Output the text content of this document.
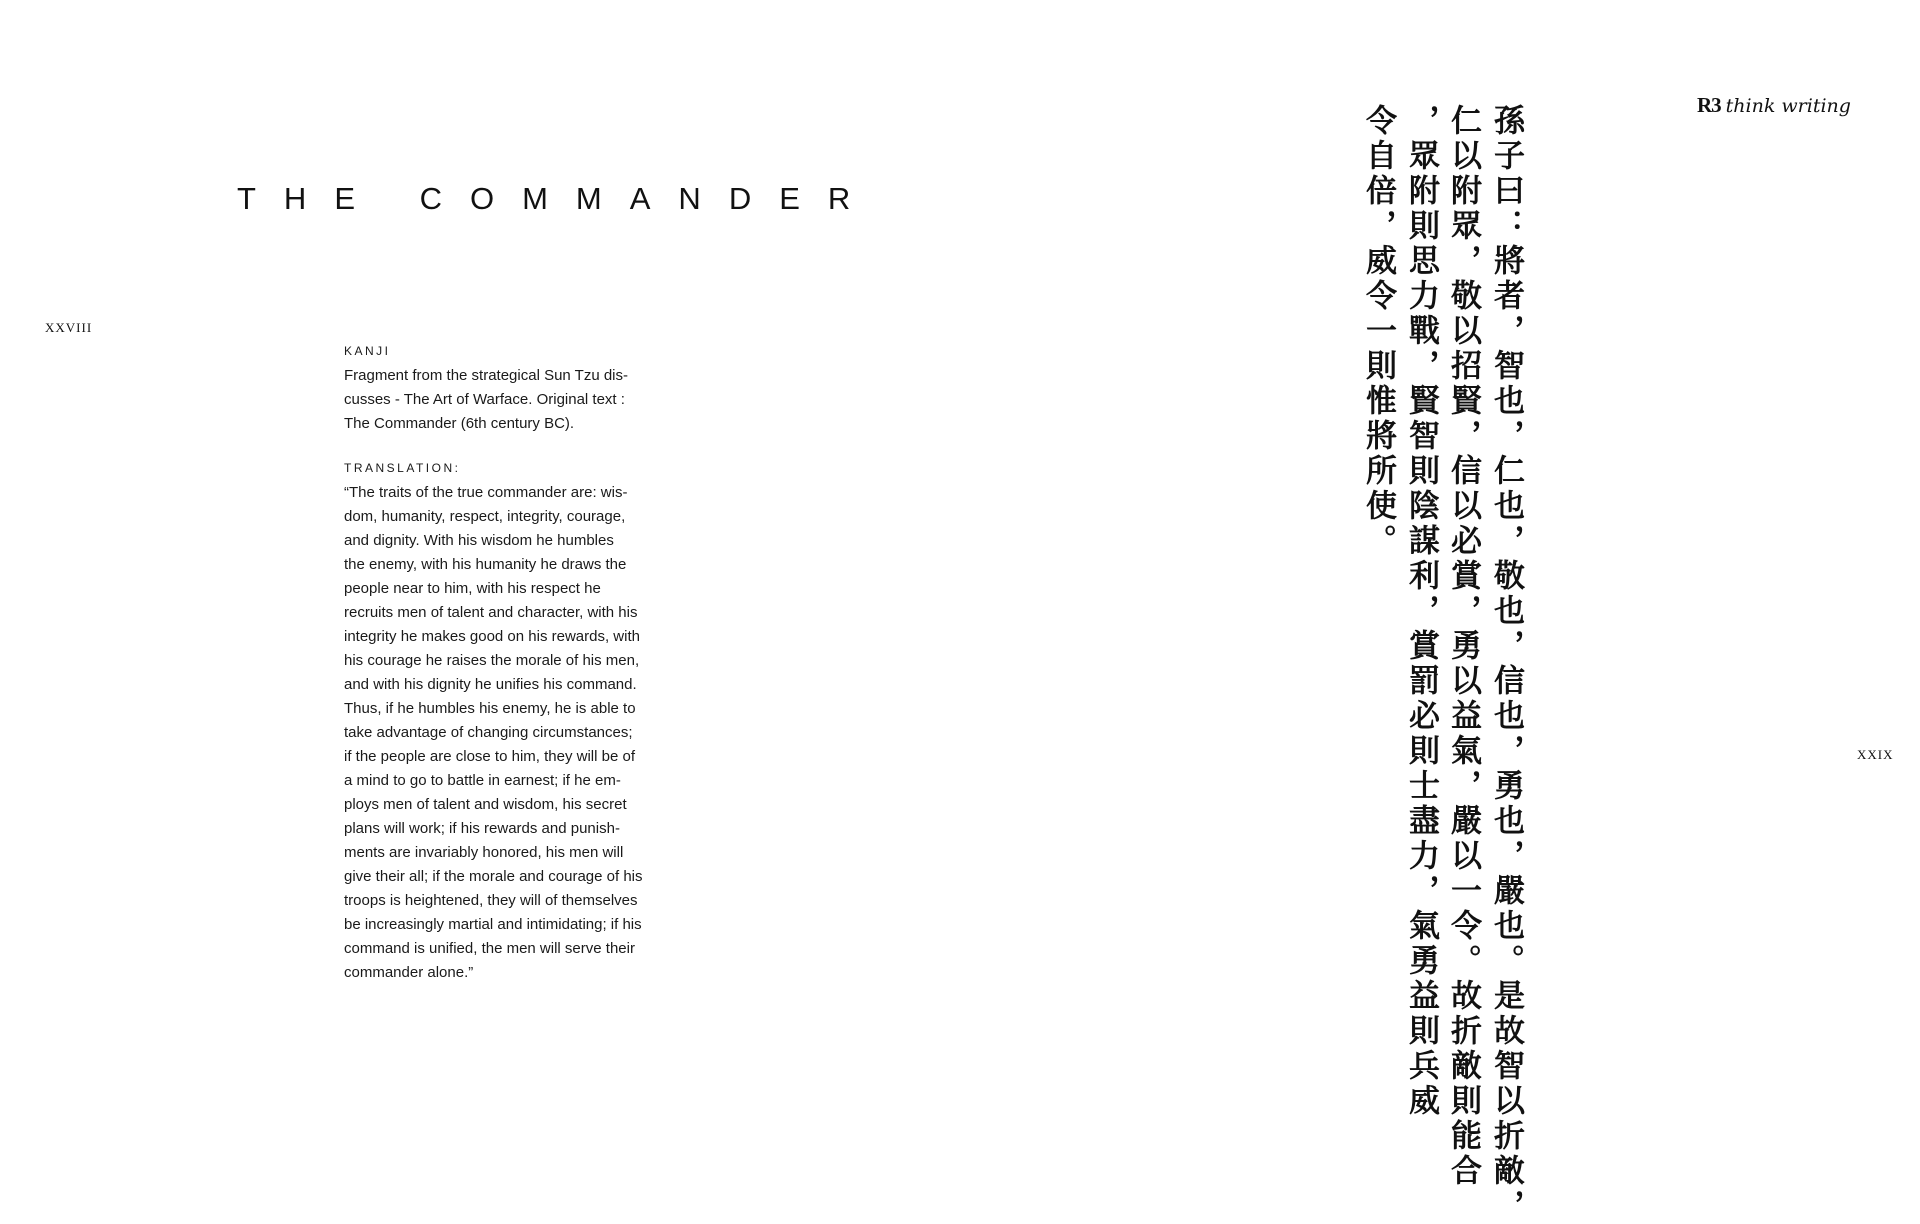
THE COMMANDER

XXVIII

XXIX

R3 think writing
KANJI

Fragment from the strategical Sun Tzu dis-
cusses - The Art of Warface. Original text :
The Commander (6th century BC).

TRANSLATION:

“The traits of the true commander are: wis-
dom, humanity, respect, integrity, courage,
and dignity. With his wisdom he humbles
the enemy, with his humanity he draws the
people near to him, with his respect he
recruits men of talent and character, with his
integrity he makes good on his rewards, with
his courage he raises the morale of his men,
and with his dignity he unifies his command.
Thus, if he humbles his enemy, he is able to
take advantage of changing circumstances;
if the people are close to him, they will be of
a mind to go to battle in earnest; if he em-
ploys men of talent and wisdom, his secret
plans will work; if his rewards and punish-
ments are invariably honored, his men will
give their all; if the morale and courage of his
troops is heightened, they will of themselves
be increasingly martial and intimidating; if his
command is unified, the men will serve their
commander alone.”	孫子曰：將者，智也，仁也，敬也，信也，勇也，嚴也。是故智以折敵，

仁以附眾，敬以招賢，信以必賞，勇以益氣，嚴以一令。故折敵則能合

，眾附則思力戰，賢智則陰謀利，賞罰必則士盡力，氣勇益則兵威

令自倍，威令一則惟將所使。
